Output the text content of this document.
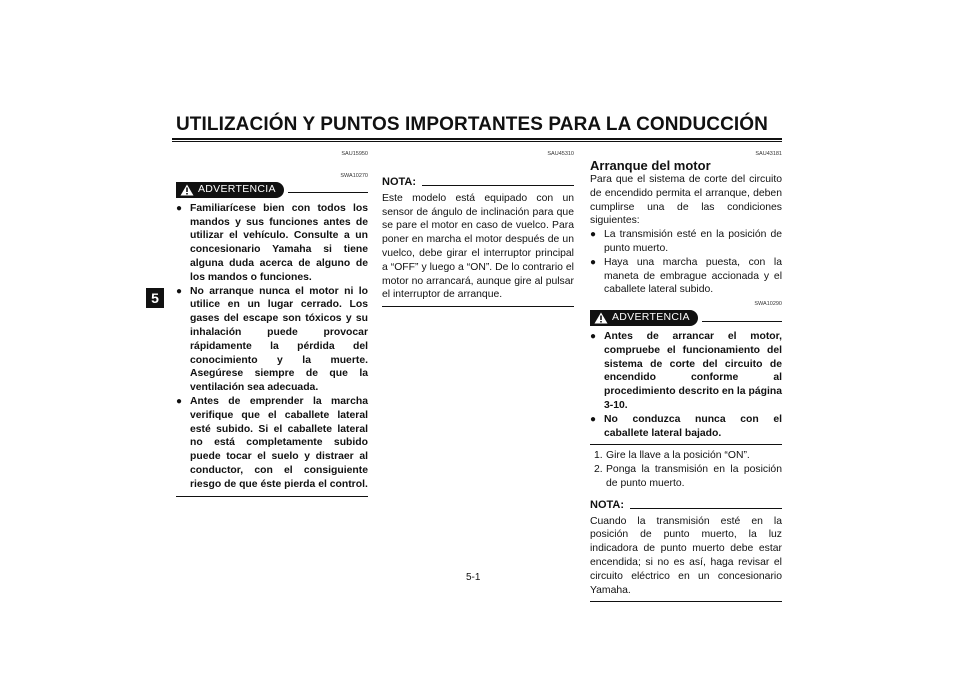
UTILIZACIÓN Y PUNTOS IMPORTANTES PARA LA CONDUCCIÓN
5
SAU15950
SWA10270
ADVERTENCIA
● Familiarícese bien con todos los mandos y sus funciones antes de utilizar el vehículo. Consulte a un concesionario Yamaha si tiene alguna duda acerca de alguno de los mandos o funciones.
● No arranque nunca el motor ni lo utilice en un lugar cerrado. Los gases del escape son tóxicos y su inhalación puede provocar rápidamente la pérdida del conocimiento y la muerte. Asegúrese siempre de que la ventilación sea adecuada.
● Antes de emprender la marcha verifique que el caballete lateral esté subido. Si el caballete lateral no está completamente subido puede tocar el suelo y distraer al conductor, con el consiguiente riesgo de que éste pierda el control.
SAU45310
NOTA:
Este modelo está equipado con un sensor de ángulo de inclinación para que se pare el motor en caso de vuelco. Para poner en marcha el motor después de un vuelco, debe girar el interruptor principal a “OFF” y luego a “ON”. De lo contrario el motor no arrancará, aunque gire al pulsar el interruptor de arranque.
SAU43181
Arranque del motor
Para que el sistema de corte del circuito de encendido permita el arranque, deben cumplirse una de las condiciones siguientes:
● La transmisión esté en la posición de punto muerto.
● Haya una marcha puesta, con la maneta de embrague accionada y el caballete lateral subido.
SWA10290
ADVERTENCIA
● Antes de arrancar el motor, compruebe el funcionamiento del sistema de corte del circuito de encendido conforme al procedimiento descrito en la página 3-10.
● No conduzca nunca con el caballete lateral bajado.
1. Gire la llave a la posición “ON”.
2. Ponga la transmisión en la posición de punto muerto.
NOTA:
Cuando la transmisión esté en la posición de punto muerto, la luz indicadora de punto muerto debe estar encendida; si no es así, haga revisar el circuito eléctrico en un concesionario Yamaha.
5-1
